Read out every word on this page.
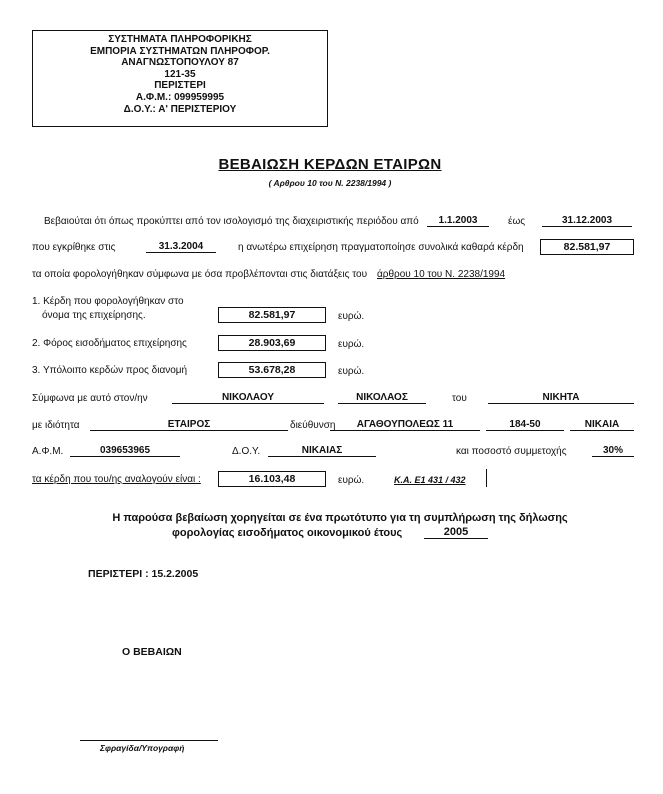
ΣΥΣΤΗΜΑΤΑ ΠΛΗΡΟΦΟΡΙΚΗΣ
ΕΜΠΟΡΙΑ ΣΥΣΤΗΜΑΤΩΝ ΠΛΗΡΟΦΟΡ.
ΑΝΑΓΝΩΣΤΟΠΟΥΛΟΥ 87
121-35
ΠΕΡΙΣΤΕΡΙ
Α.Φ.Μ.: 099959995
Δ.Ο.Υ.: Α' ΠΕΡΙΣΤΕΡΙΟΥ
ΒΕΒΑΙΩΣΗ ΚΕΡΔΩΝ ΕΤΑΙΡΩΝ
( Αρθρου 10 του Ν. 2238/1994 )
Βεβαιούται ότι όπως προκύπτει από τον ισολογισμό της διαχειριστικής περιόδου από	1.1.2003	έως	31.12.2003
που εγκρίθηκε στις	31.3.2004	η ανωτέρω επιχείρηση πραγματοποίησε συνολικά καθαρά κέρδη	82.581,97
τα οποία φορολογήθηκαν σύμφωνα με όσα προβλέπονται στις διατάξεις του άρθρου 10 του Ν. 2238/1994
1. Κέρδη που φορολογήθηκαν στο
όνομα της επιχείρησης.	82.581,97	ευρώ.
2. Φόρος εισοδήματος επιχείρησης	28.903,69	ευρώ.
3. Υπόλοιπο κερδών προς διανομή	53.678,28	ευρώ.
Σύμφωνα με αυτό στον/ην	ΝΙΚΟΛΑΟΥ	ΝΙΚΟΛΑΟΣ	του	ΝΙΚΗΤΑ
με ιδιότητα	ΕΤΑΙΡΟΣ	διεύθυνση	ΑΓΑΘΟΥΠΟΛΕΩΣ 11	184-50	ΝΙΚΑΙΑ
Α.Φ.Μ.	039653965	Δ.Ο.Υ.	ΝΙΚΑΙΑΣ	και ποσοστό συμμετοχής	30%
τα κέρδη που του/ης αναλογούν είναι :	16.103,48	ευρώ.	Κ.Α. Ε1 431 / 432
Η παρούσα βεβαίωση χορηγείται σε ένα πρωτότυπο για τη συμπλήρωση της δήλωσης
φορολογίας εισοδήματος οικονομικού έτους	2005
ΠΕΡΙΣΤΕΡΙ : 15.2.2005
Ο ΒΕΒΑΙΩΝ
Σφραγίδα/Υπογραφή
